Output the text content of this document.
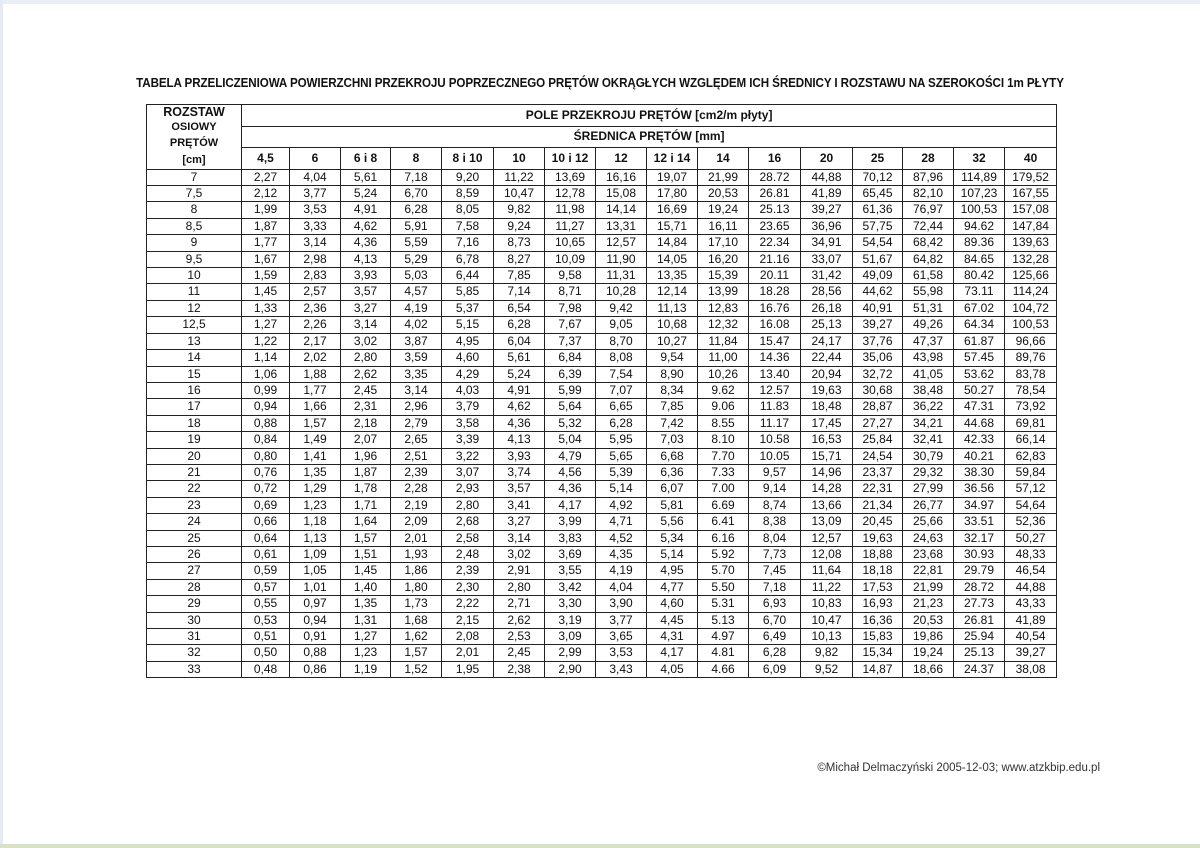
TABELA PRZELICZENIOWA POWIERZCHNI PRZEKROJU POPRZECZNEGO PRĘTÓW OKRĄGŁYCH WZGLĘDEM ICH ŚREDNICY I ROZSTAWU NA SZEROKOŚCI 1m PŁYTY
ROZSTAW
OSIOWY
PRĘTÓW
[cm]	POLE PRZEKROJU PRĘTÓW [cm2/m płyty]															
	ŚREDNICA PRĘTÓW [mm]															
	4,5	6	6 i 8	8	8 i 10	10	10 i 12	12	12 i 14	14	16	20	25	28	32	40
7	2,27	4,04	5,61	7,18	9,20	11,22	13,69	16,16	19,07	21,99	28.72	44,88	70,12	87,96	114,89	179,52
7,5	2,12	3,77	5,24	6,70	8,59	10,47	12,78	15,08	17,80	20,53	26.81	41,89	65,45	82,10	107,23	167,55
8	1,99	3,53	4,91	6,28	8,05	9,82	11,98	14,14	16,69	19,24	25.13	39,27	61,36	76,97	100,53	157,08
8,5	1,87	3,33	4,62	5,91	7,58	9,24	11,27	13,31	15,71	16,11	23.65	36,96	57,75	72,44	94.62	147,84
9	1,77	3,14	4,36	5,59	7,16	8,73	10,65	12,57	14,84	17,10	22.34	34,91	54,54	68,42	89.36	139,63
9,5	1,67	2,98	4,13	5,29	6,78	8,27	10,09	11,90	14,05	16,20	21.16	33,07	51,67	64,82	84.65	132,28
10	1,59	2,83	3,93	5,03	6,44	7,85	9,58	11,31	13,35	15,39	20.11	31,42	49,09	61,58	80.42	125,66
11	1,45	2,57	3,57	4,57	5,85	7,14	8,71	10,28	12,14	13,99	18.28	28,56	44,62	55,98	73.11	114,24
12	1,33	2,36	3,27	4,19	5,37	6,54	7,98	9,42	11,13	12,83	16.76	26,18	40,91	51,31	67.02	104,72
12,5	1,27	2,26	3,14	4,02	5,15	6,28	7,67	9,05	10,68	12,32	16.08	25,13	39,27	49,26	64.34	100,53
13	1,22	2,17	3,02	3,87	4,95	6,04	7,37	8,70	10,27	11,84	15.47	24,17	37,76	47,37	61.87	96,66
14	1,14	2,02	2,80	3,59	4,60	5,61	6,84	8,08	9,54	11,00	14.36	22,44	35,06	43,98	57.45	89,76
15	1,06	1,88	2,62	3,35	4,29	5,24	6,39	7,54	8,90	10,26	13.40	20,94	32,72	41,05	53.62	83,78
16	0,99	1,77	2,45	3,14	4,03	4,91	5,99	7,07	8,34	9.62	12.57	19,63	30,68	38,48	50.27	78,54
17	0,94	1,66	2,31	2,96	3,79	4,62	5,64	6,65	7,85	9.06	11.83	18,48	28,87	36,22	47.31	73,92
18	0,88	1,57	2,18	2,79	3,58	4,36	5,32	6,28	7,42	8.55	11.17	17,45	27,27	34,21	44.68	69,81
19	0,84	1,49	2,07	2,65	3,39	4,13	5,04	5,95	7,03	8.10	10.58	16,53	25,84	32,41	42.33	66,14
20	0,80	1,41	1,96	2,51	3,22	3,93	4,79	5,65	6,68	7.70	10.05	15,71	24,54	30,79	40.21	62,83
21	0,76	1,35	1,87	2,39	3,07	3,74	4,56	5,39	6,36	7.33	9,57	14,96	23,37	29,32	38.30	59,84
22	0,72	1,29	1,78	2,28	2,93	3,57	4,36	5,14	6,07	7.00	9,14	14,28	22,31	27,99	36.56	57,12
23	0,69	1,23	1,71	2,19	2,80	3,41	4,17	4,92	5,81	6.69	8,74	13,66	21,34	26,77	34.97	54,64
24	0,66	1,18	1,64	2,09	2,68	3,27	3,99	4,71	5,56	6.41	8,38	13,09	20,45	25,66	33.51	52,36
25	0,64	1,13	1,57	2,01	2,58	3,14	3,83	4,52	5,34	6.16	8,04	12,57	19,63	24,63	32.17	50,27
26	0,61	1,09	1,51	1,93	2,48	3,02	3,69	4,35	5,14	5.92	7,73	12,08	18,88	23,68	30.93	48,33
27	0,59	1,05	1,45	1,86	2,39	2,91	3,55	4,19	4,95	5.70	7,45	11,64	18,18	22,81	29.79	46,54
28	0,57	1,01	1,40	1,80	2,30	2,80	3,42	4,04	4,77	5.50	7,18	11,22	17,53	21,99	28.72	44,88
29	0,55	0,97	1,35	1,73	2,22	2,71	3,30	3,90	4,60	5.31	6,93	10,83	16,93	21,23	27.73	43,33
30	0,53	0,94	1,31	1,68	2,15	2,62	3,19	3,77	4,45	5.13	6,70	10,47	16,36	20,53	26.81	41,89
31	0,51	0,91	1,27	1,62	2,08	2,53	3,09	3,65	4,31	4.97	6,49	10,13	15,83	19,86	25.94	40,54
32	0,50	0,88	1,23	1,57	2,01	2,45	2,99	3,53	4,17	4.81	6,28	9,82	15,34	19,24	25.13	39,27
33	0,48	0,86	1,19	1,52	1,95	2,38	2,90	3,43	4,05	4.66	6,09	9,52	14,87	18,66	24.37	38,08
©Michał Delmaczyński 2005-12-03; www.atzkbip.edu.pl
